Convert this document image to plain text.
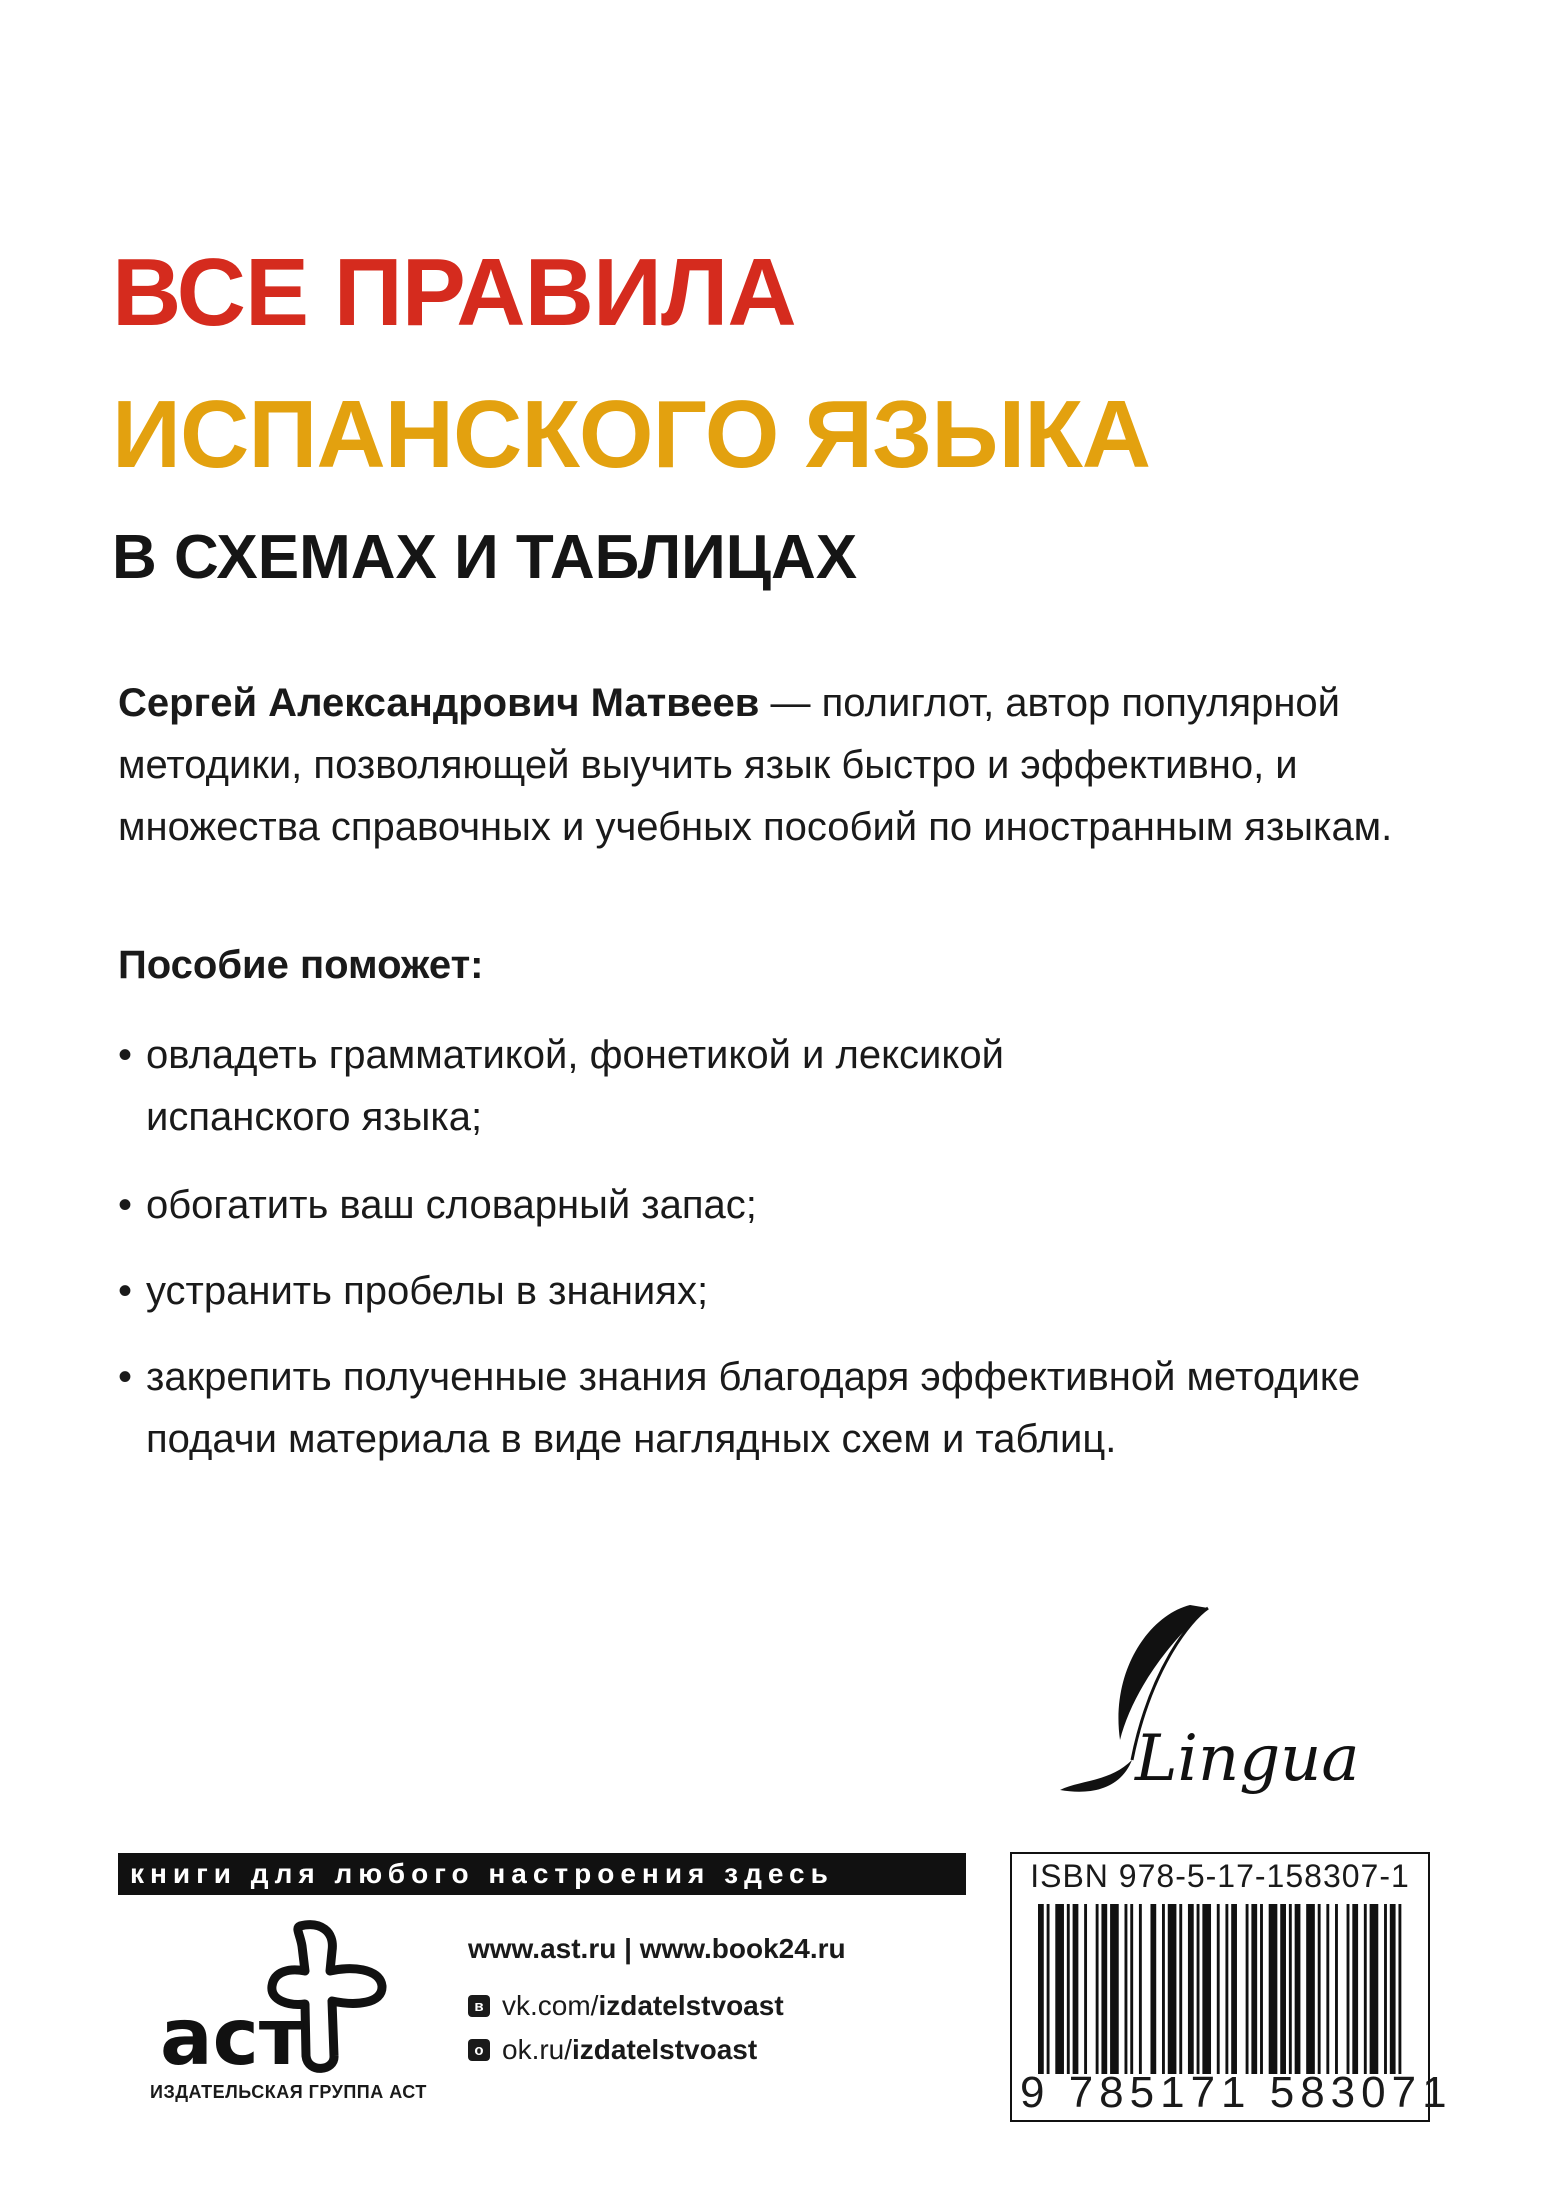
ВСЕ ПРАВИЛА
ИСПАНСКОГО ЯЗЫКА
В СХЕМАХ И ТАБЛИЦАХ
Сергей Александрович Матвеев — полиглот, автор популярной методики, позволяющей выучить язык быстро и эффективно, и множества справочных и учебных пособий по иностранным языкам.
Пособие поможет:
• овладеть грамматикой, фонетикой и лексикой испанского языка;
• обогатить ваш словарный запас;
• устранить пробелы в знаниях;
• закрепить полученные знания благодаря эффективной методике подачи материала в виде наглядных схем и таблиц.
Lingua
книги для любого настроения здесь
аст
ИЗДАТЕЛЬСКАЯ ГРУППА АСТ
www.ast.ru | www.book24.ru
в vk.com/ izdatelstvoast
о ok.ru/ izdatelstvoast
ISBN 978-5-17-158307-1
9 785171 583071
